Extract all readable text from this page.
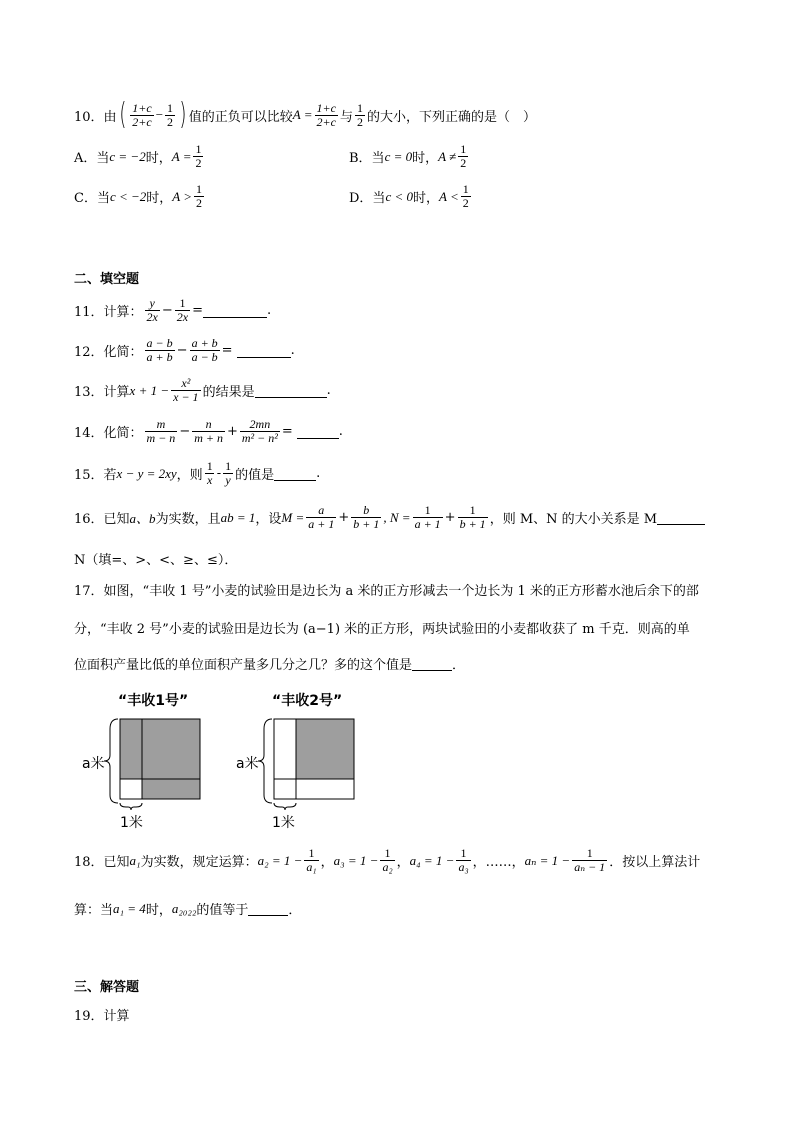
10．由 ( $\frac{1+c}{2+c} - \frac{1}{2}$ ) 值的正负可以比较 $A = \frac{1+c}{2+c}$ 与 $\frac{1}{2}$ 的大小，下列正确的是（　）
A．当 c = −2 时， $A = \frac{1}{2}$	B．当 c = 0 时， $A \ne \frac{1}{2}$
C．当 c < −2 时， $A > \frac{1}{2}$	D．当 c < 0 时， $A < \frac{1}{2}$
二、填空题
11．计算： $\frac{y}{2x} - \frac{1}{2x}$ =	.
12．化简： $\frac{a - b}{a + b} - \frac{a + b}{a - b}$ =	.
13．计算 $x + 1 - \frac{\text{x²}}{x - 1}$ 的结果是	.
14．化简： $\frac{m}{m - n} - \frac{n}{m + n} + \frac{2mn}{\text{m² − n²}}$ =	.
15．若 x − y = 2xy ，则 $\frac{1}{x} - \frac{1}{y}$ 的值是	.
16．已知 a、b 为实数，且 ab = 1 ，设 $M = \frac{a}{a + 1} + \frac{b}{b + 1}$ , $N = \frac{1}{a + 1} + \frac{1}{b + 1}$ ，则 M、N 的大小关系是 M
N（填=、>、<、≥、≤）．
17．如图，“丰收 1 号”小麦的试验田是边长为 a 米的正方形减去一个边长为 1 米的正方形蓄水池后余下的部
分，“丰收 2 号”小麦的试验田是边长为 (a−1) 米的正方形，两块试验田的小麦都收获了 m 千克．则高的单
位面积产量比低的单位面积产量多几分之几？多的这个值是	．
“丰收1号”
a米
1米
“丰收2号”
a米
1米
18．已知 a₁ 为实数，规定运算： $a_2 = 1 - \frac{1}{\text{a₁}}$ ， $a_3 = 1 - \frac{1}{\text{a₂}}$ ， $a_4 = 1 - \frac{1}{\text{a₃}}$ ，……， $a_n = 1 - \frac{1}{\text{aₙ − 1}}$ ．按以上算法计
算：当 a₁ = 4 时， a₂₀₂₂ 的值等于	．
三、解答题
19．计算
